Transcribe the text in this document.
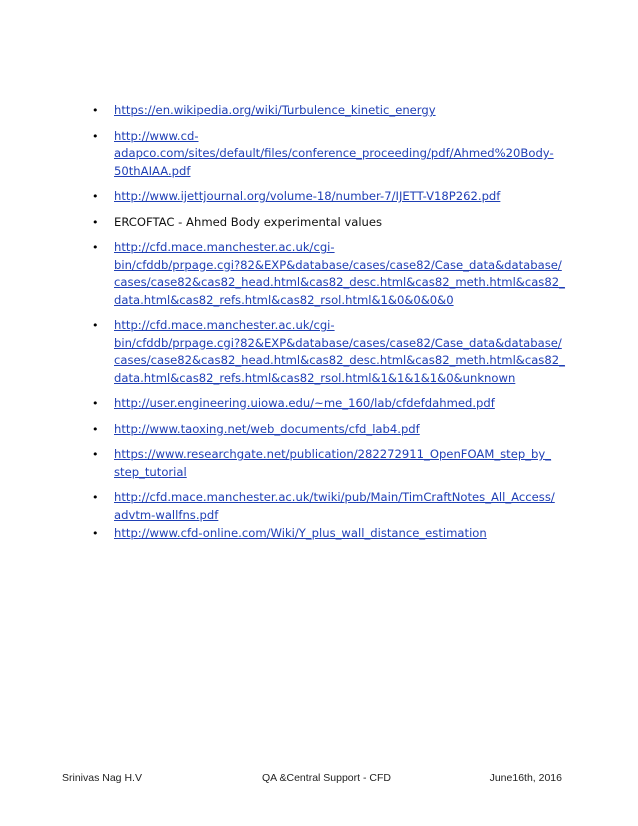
• https://en.wikipedia.org/wiki/Turbulence_kinetic_energy
• http://www.cd-
adapco.com/sites/default/files/conference_proceeding/pdf/Ahmed%20Body-
50thAIAA.pdf
• http://www.ijettjournal.org/volume-18/number-7/IJETT-V18P262.pdf
• ERCOFTAC - Ahmed Body experimental values
• http://cfd.mace.manchester.ac.uk/cgi-
bin/cfddb/prpage.cgi?82&EXP&database/cases/case82/Case_data&database/
cases/case82&cas82_head.html&cas82_desc.html&cas82_meth.html&cas82_
data.html&cas82_refs.html&cas82_rsol.html&1&0&0&0&0
• http://cfd.mace.manchester.ac.uk/cgi-
bin/cfddb/prpage.cgi?82&EXP&database/cases/case82/Case_data&database/
cases/case82&cas82_head.html&cas82_desc.html&cas82_meth.html&cas82_
data.html&cas82_refs.html&cas82_rsol.html&1&1&1&1&0&unknown
• http://user.engineering.uiowa.edu/~me_160/lab/cfdefdahmed.pdf
• http://www.taoxing.net/web_documents/cfd_lab4.pdf
• https://www.researchgate.net/publication/282272911_OpenFOAM_step_by_
step_tutorial
• http://cfd.mace.manchester.ac.uk/twiki/pub/Main/TimCraftNotes_All_Access/
advtm-wallfns.pdf
• http://www.cfd-online.com/Wiki/Y_plus_wall_distance_estimation
Srinivas Nag H.V	QA &Central Support - CFD	June16th, 2016
